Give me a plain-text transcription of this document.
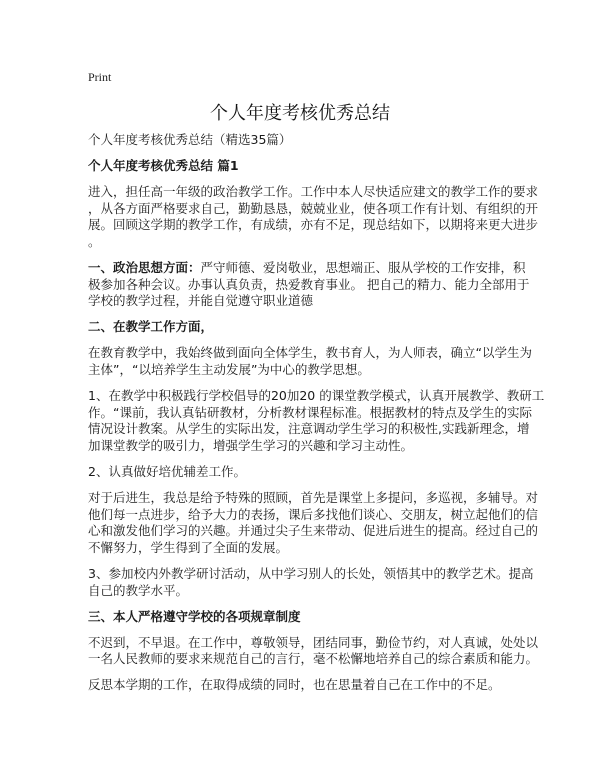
Print
个人年度考核优秀总结
个人年度考核优秀总结（精选35篇）
个人年度考核优秀总结 篇1
进入，担任高一年级的政治教学工作。工作中本人尽快适应建文的教学工作的要求
，从各方面严格要求自己，勤勤恳恳，兢兢业业，使各项工作有计划、有组织的开
展。回顾这学期的教学工作，有成绩，亦有不足，现总结如下，以期将来更大进步
。
一、政治思想方面：严守师德、爱岗敬业，思想端正、服从学校的工作安排，积
极参加各种会议。办事认真负责，热爱教育事业。 把自己的精力、能力全部用于
学校的教学过程，并能自觉遵守职业道德
二、在教学工作方面，
在教育教学中，我始终做到面向全体学生，教书育人，为人师表，确立“以学生为
主体”，“以培养学生主动发展”为中心的教学思想。
1、在教学中积极践行学校倡导的20加20 的课堂教学模式，认真开展教学、教研工
作。“课前，我认真钻研教材，分析教材课程标准。根据教材的特点及学生的实际
情况设计教案。从学生的实际出发，注意调动学生学习的积极性,实践新理念，增
加课堂教学的吸引力，增强学生学习的兴趣和学习主动性。
2、认真做好培优辅差工作。
对于后进生，我总是给予特殊的照顾，首先是课堂上多提问，多巡视，多辅导。对
他们每一点进步，给予大力的表扬，课后多找他们谈心、交朋友，树立起他们的信
心和激发他们学习的兴趣。并通过尖子生来带动、促进后进生的提高。经过自己的
不懈努力，学生得到了全面的发展。
3、参加校内外教学研讨活动，从中学习别人的长处，领悟其中的教学艺术。提高
自己的教学水平。
三、本人严格遵守学校的各项规章制度
不迟到，不早退。在工作中，尊敬领导，团结同事，勤俭节约，对人真诚，处处以
一名人民教师的要求来规范自己的言行，毫不松懈地培养自己的综合素质和能力。
反思本学期的工作，在取得成绩的同时，也在思量着自己在工作中的不足。
